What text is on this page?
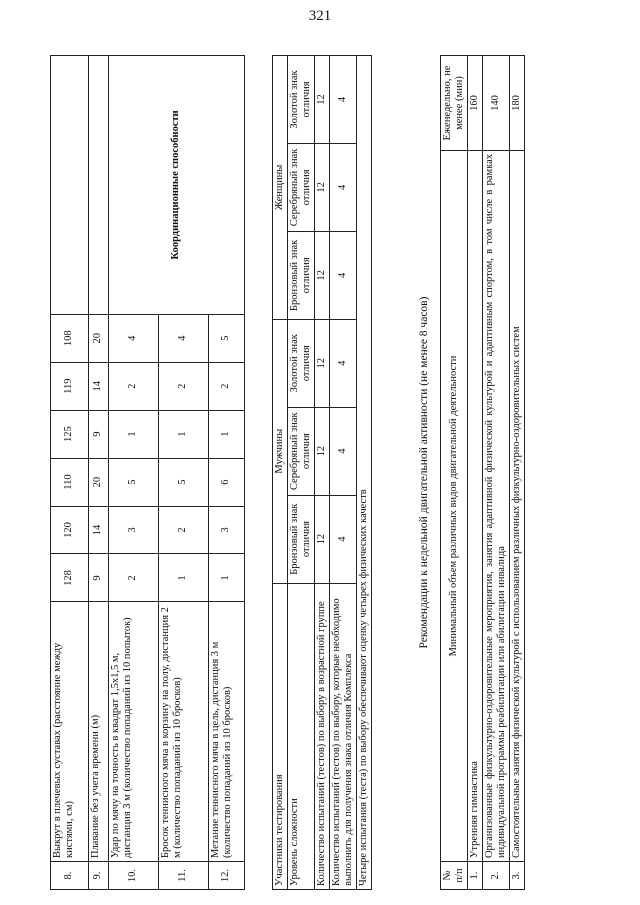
321
8.	Выкрут в плечевых суставах (расстояние между кистями, см)	128	120	110	125	119	108	
9.	Плавание без учета времени (м)	9	14	20	9	14	20	
10.	Удар по мячу на точность в квадрат 1,5х1,5 м, дистанция 3 м (количество попаданий из 10 попыток)	2	3	5	1	2	4	Координационные способности
11.	Бросок теннисного мяча в корзину на полу, дистанция 2 м (количество попаданий из 10 бросков)	1	2	5	1	2	4	
12.	Метание теннисного мяча в цель, дистанция 3 м (количество попаданий из 10 бросков)	1	3	6	1	2	5	
Участники тестирования	Мужчины			Женщины		
Уровень сложности	Бронзовый знак отличия	Серебряный знак отличия	Золотой знак отличия	Бронзовый знак отличия	Серебряный знак отличия	Золотой знак отличия
Количество испытаний (тестов) по выбору в возрастной группе	12	12	12	12	12	12
Количество испытаний (тестов) по выбору, которые необходимо выполнить для получения знака отличия Комплекса	4	4	4	4	4	4
Четыре испытания (теста) по выбору обеспечивают оценку четырех физических качеств						
Рекомендации к недельной двигательной активности (не менее 8 часов)
№ п/п	Минимальный объем различных видов двигательной деятельности	Еженедельно, не менее (мин)
1.	Утренняя гимнастика	160
2.	Организованные физкультурно-оздоровительные мероприятия, занятия адаптивной физической культурой и адаптивным спортом, в том числе в рамках индивидуальной программы реабилитации или абилитации инвалида	140
3.	Самостоятельные занятия физической культурой с использованием различных физкультурно-оздоровительных систем	180
